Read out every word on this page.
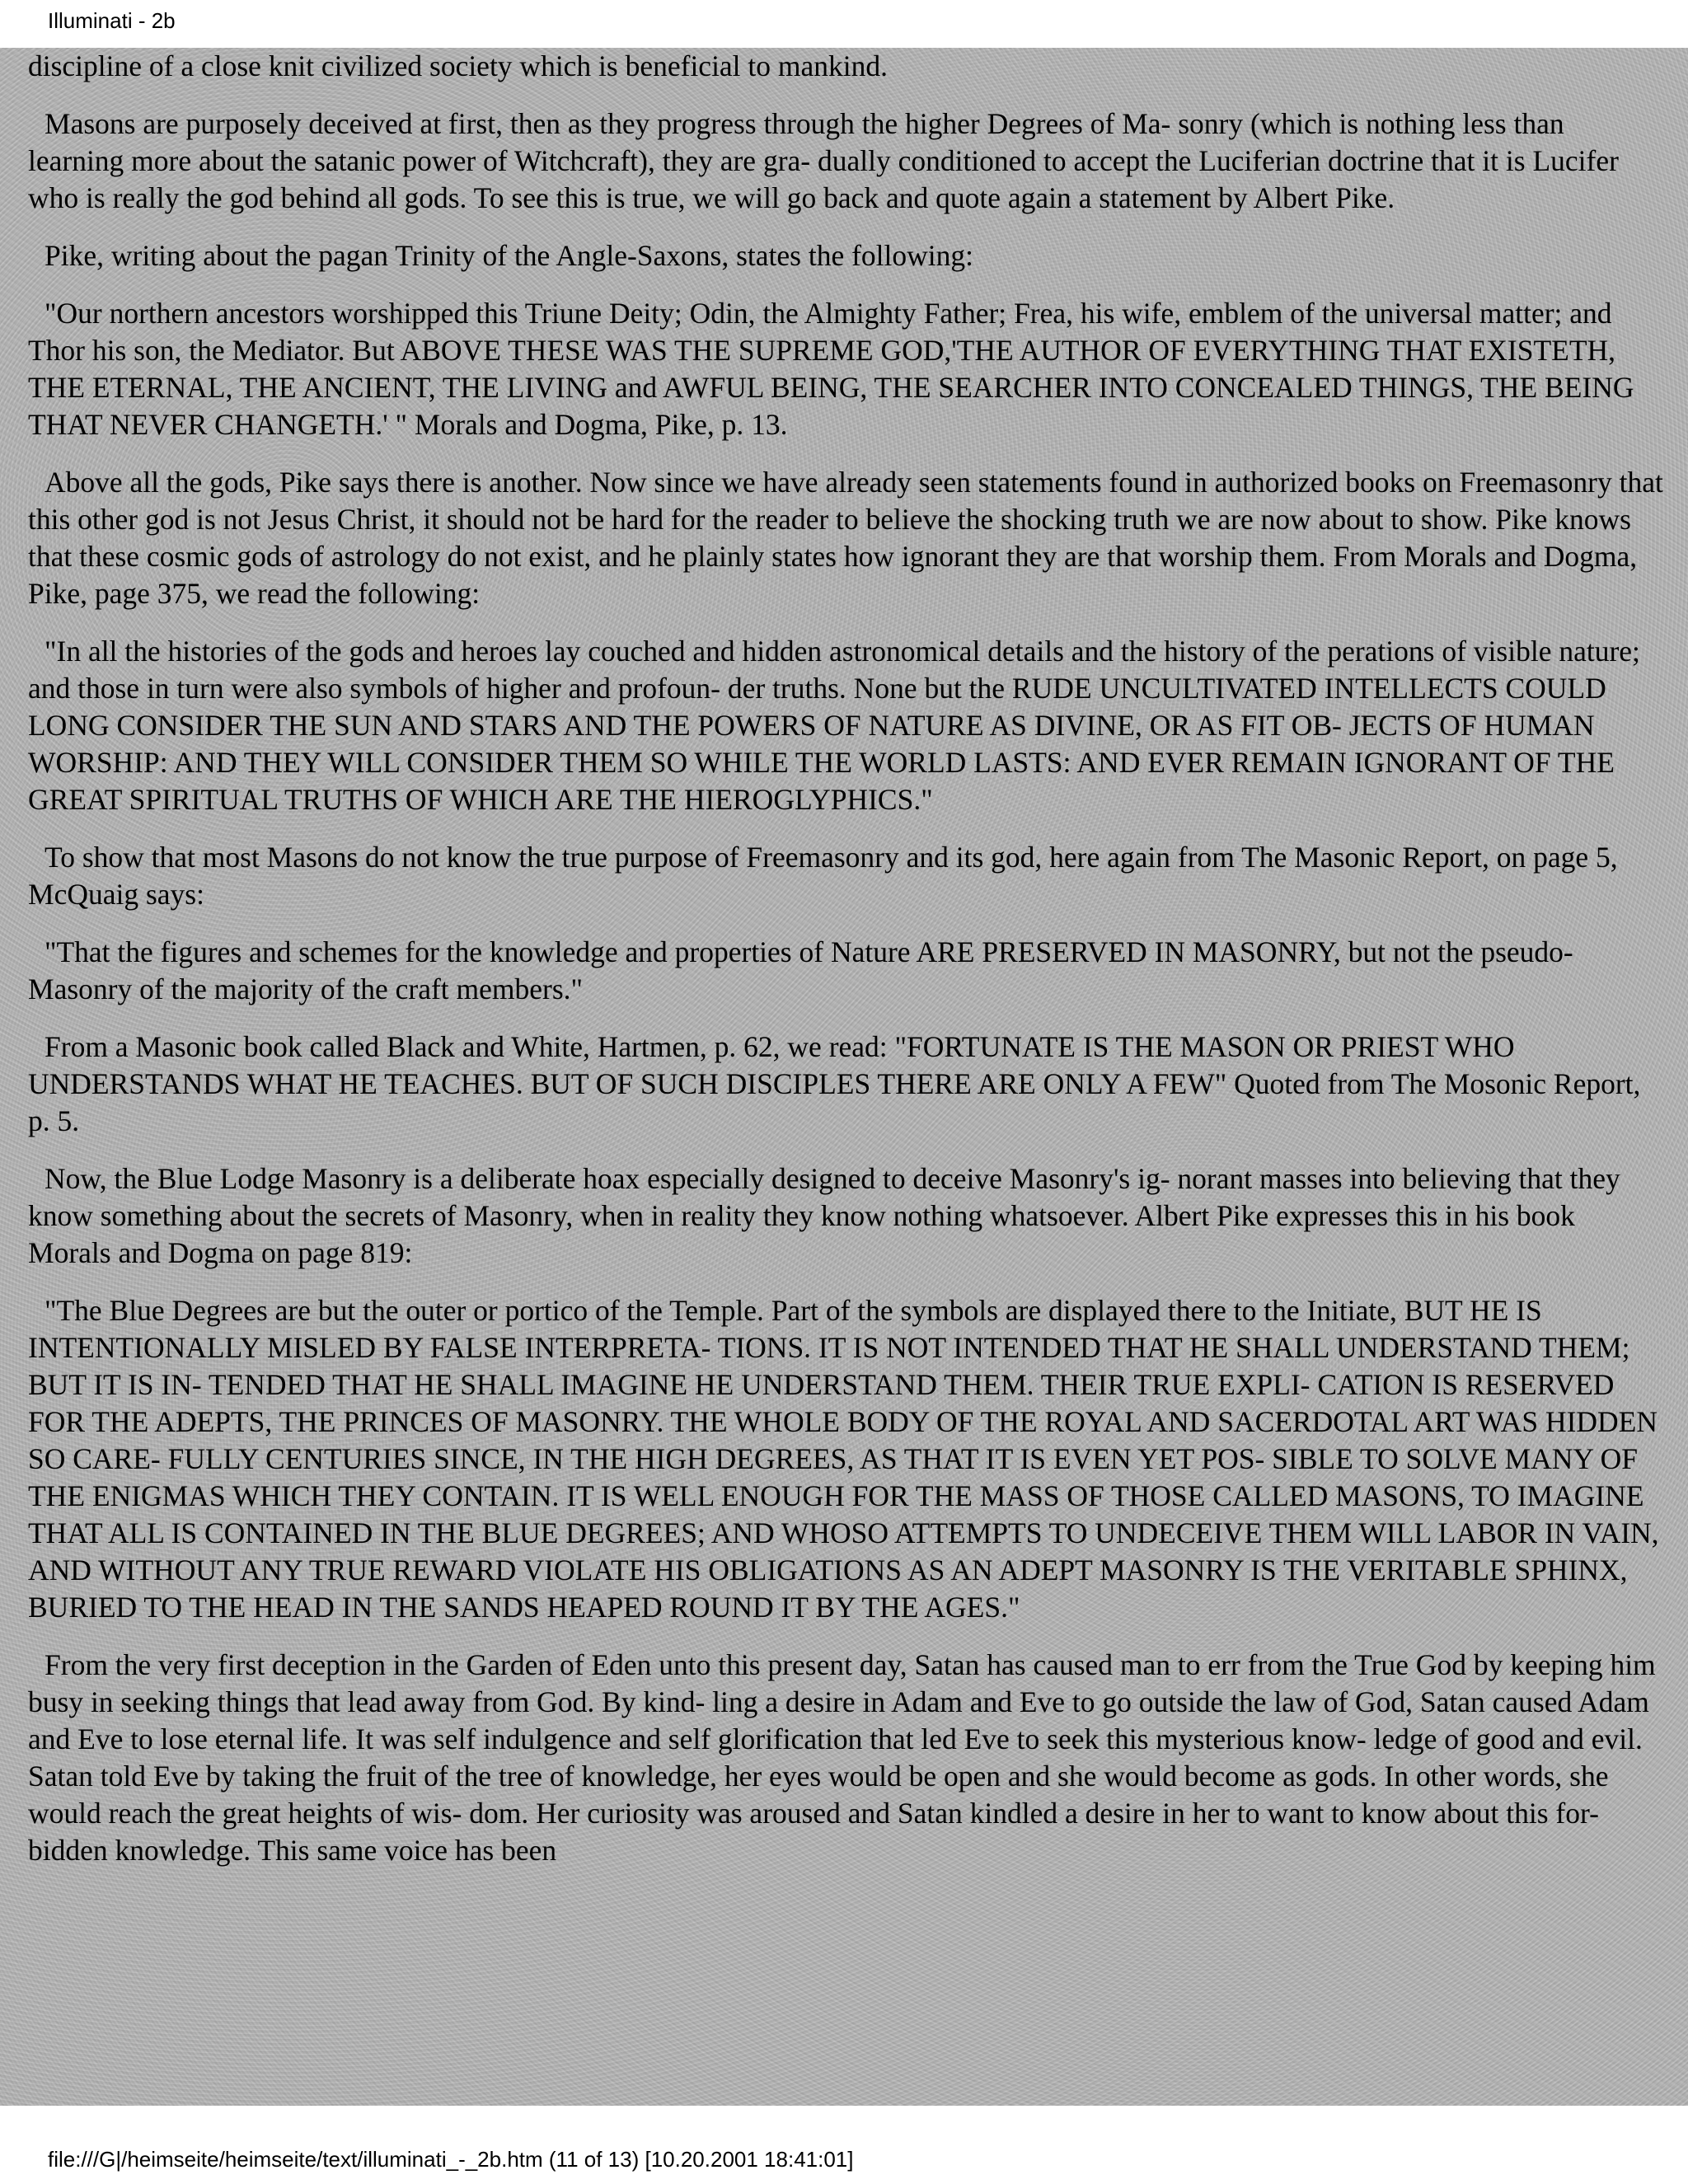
Illuminati - 2b

discipline of a close knit civilized society which is beneficial to mankind.

Masons are purposely deceived at first, then as they progress through the higher Degrees of Ma- sonry (which is nothing less than learning more about the satanic power of Witchcraft), they are gra- dually conditioned to accept the Luciferian doctrine that it is Lucifer who is really the god behind all gods. To see this is true, we will go back and quote again a statement by Albert Pike.

Pike, writing about the pagan Trinity of the Angle-Saxons, states the following:

"Our northern ancestors worshipped this Triune Deity; Odin, the Almighty Father; Frea, his wife, emblem of the universal matter; and Thor his son, the Mediator. But ABOVE THESE WAS THE SUPREME GOD,'THE AUTHOR OF EVERYTHING THAT EXISTETH, THE ETERNAL, THE ANCIENT, THE LIVING and AWFUL BEING, THE SEARCHER INTO CONCEALED THINGS, THE BEING THAT NEVER CHANGETH.' " Morals and Dogma, Pike, p. 13.

Above all the gods, Pike says there is another. Now since we have already seen statements found in authorized books on Freemasonry that this other god is not Jesus Christ, it should not be hard for the reader to believe the shocking truth we are now about to show. Pike knows that these cosmic gods of astrology do not exist, and he plainly states how ignorant they are that worship them. From Morals and Dogma, Pike, page 375, we read the following:

"In all the histories of the gods and heroes lay couched and hidden astronomical details and the history of the perations of visible nature; and those in turn were also symbols of higher and profoun- der truths. None but the RUDE UNCULTIVATED INTELLECTS COULD LONG CONSIDER THE SUN AND STARS AND THE POWERS OF NATURE AS DIVINE, OR AS FIT OB- JECTS OF HUMAN WORSHIP: AND THEY WILL CONSIDER THEM SO WHILE THE WORLD LASTS: AND EVER REMAIN IGNORANT OF THE GREAT SPIRITUAL TRUTHS OF WHICH ARE THE HIEROGLYPHICS."

To show that most Masons do not know the true purpose of Freemasonry and its god, here again from The Masonic Report, on page 5, McQuaig says:

"That the figures and schemes for the knowledge and properties of Nature ARE PRESERVED IN MASONRY, but not the pseudo-Masonry of the majority of the craft members."

From a Masonic book called Black and White, Hartmen, p. 62, we read: "FORTUNATE IS THE MASON OR PRIEST WHO UNDERSTANDS WHAT HE TEACHES. BUT OF SUCH DISCIPLES THERE ARE ONLY A FEW" Quoted from The Mosonic Report, p. 5.

Now, the Blue Lodge Masonry is a deliberate hoax especially designed to deceive Masonry's ig- norant masses into believing that they know something about the secrets of Masonry, when in reality they know nothing whatsoever. Albert Pike expresses this in his book Morals and Dogma on page 819:

"The Blue Degrees are but the outer or portico of the Temple. Part of the symbols are displayed there to the Initiate, BUT HE IS INTENTIONALLY MISLED BY FALSE INTERPRETA- TIONS. IT IS NOT INTENDED THAT HE SHALL UNDERSTAND THEM; BUT IT IS IN- TENDED THAT HE SHALL IMAGINE HE UNDERSTAND THEM. THEIR TRUE EXPLI- CATION IS RESERVED FOR THE ADEPTS, THE PRINCES OF MASONRY. THE WHOLE BODY OF THE ROYAL AND SACERDOTAL ART WAS HIDDEN SO CARE- FULLY CENTURIES SINCE, IN THE HIGH DEGREES, AS THAT IT IS EVEN YET POS- SIBLE TO SOLVE MANY OF THE ENIGMAS WHICH THEY CONTAIN. IT IS WELL ENOUGH FOR THE MASS OF THOSE CALLED MASONS, TO IMAGINE THAT ALL IS CONTAINED IN THE BLUE DEGREES; AND WHOSO ATTEMPTS TO UNDECEIVE THEM WILL LABOR IN VAIN, AND WITHOUT ANY TRUE REWARD VIOLATE HIS OBLIGATIONS AS AN ADEPT MASONRY IS THE VERITABLE SPHINX, BURIED TO THE HEAD IN THE SANDS HEAPED ROUND IT BY THE AGES."

From the very first deception in the Garden of Eden unto this present day, Satan has caused man to err from the True God by keeping him busy in seeking things that lead away from God. By kind- ling a desire in Adam and Eve to go outside the law of God, Satan caused Adam and Eve to lose eternal life. It was self indulgence and self glorification that led Eve to seek this mysterious know- ledge of good and evil. Satan told Eve by taking the fruit of the tree of knowledge, her eyes would be open and she would become as gods. In other words, she would reach the great heights of wis- dom. Her curiosity was aroused and Satan kindled a desire in her to want to know about this for- bidden knowledge. This same voice has been

file:///G|/heimseite/heimseite/text/illuminati_-_2b.htm (11 of 13) [10.20.2001 18:41:01]
